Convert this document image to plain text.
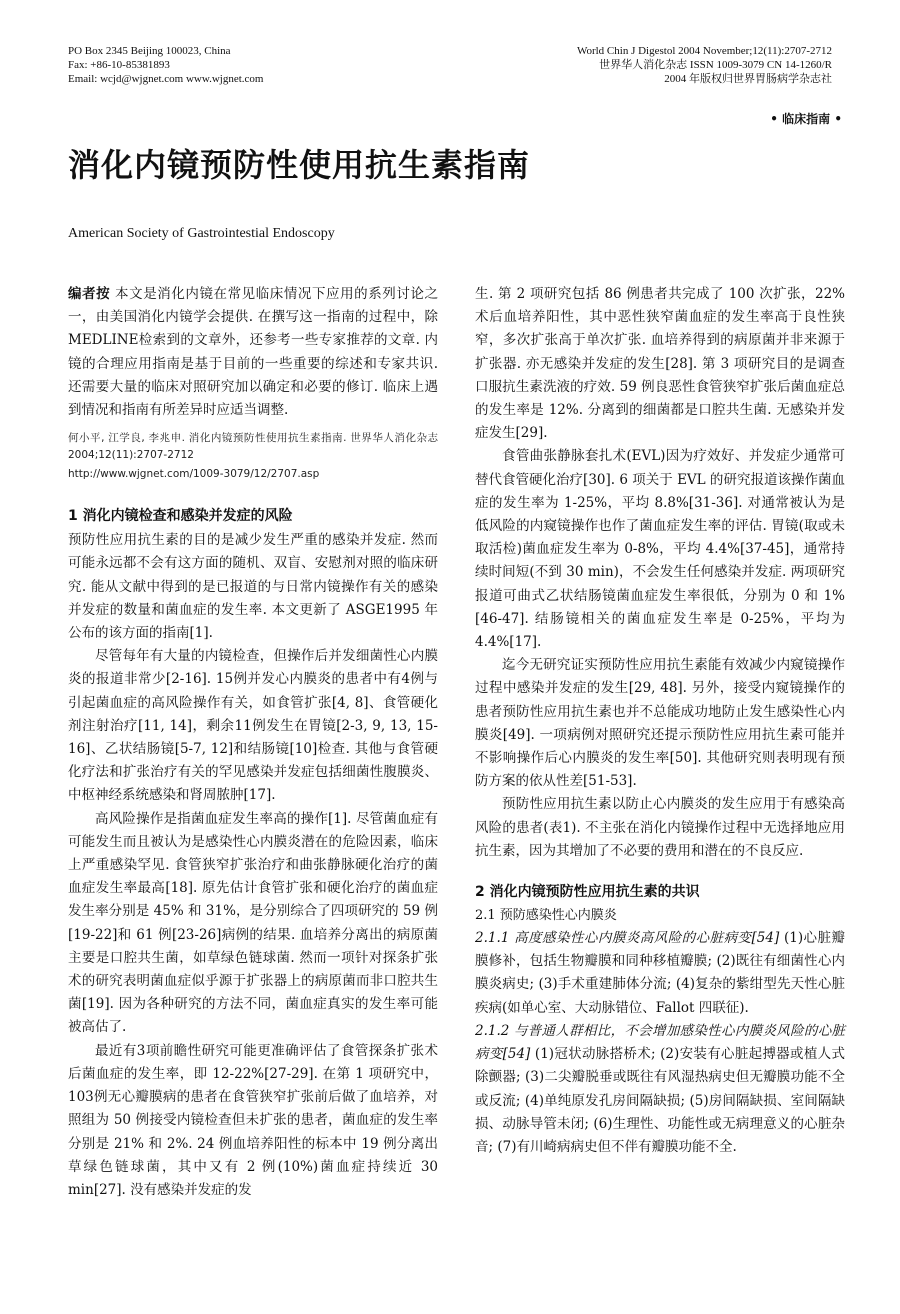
PO Box 2345 Beijing 100023, China
Fax: +86-10-85381893
Email: wcjd@wjgnet.com www.wjgnet.com
World Chin J Digestol 2004 November;12(11):2707-2712
世界华人消化杂志 ISSN 1009-3079 CN 14-1260/R
2004 年版权归世界胃肠病学杂志社
• 临床指南 •
消化内镜预防性使用抗生素指南
American Society of Gastrointestial Endoscopy

编者按 本文是消化内镜在常见临床情况下应用的系列讨论之一，由美国消化内镜学会提供. 在撰写这一指南的过程中，除MEDLINE检索到的文章外，还参考一些专家推荐的文章. 内镜的合理应用指南是基于目前的一些重要的综述和专家共识. 还需要大量的临床对照研究加以确定和必要的修订. 临床上遇到情况和指南有所差异时应适当调整.

何小平, 江学良, 李兆申. 消化内镜预防性使用抗生素指南. 世界华人消化杂志 2004;12(11):2707-2712
http://www.wjgnet.com/1009-3079/12/2707.asp
1 消化内镜检查和感染并发症的风险

预防性应用抗生素的目的是减少发生严重的感染并发症. 然而可能永远都不会有这方面的随机、双盲、安慰剂对照的临床研究. 能从文献中得到的是已报道的与日常内镜操作有关的感染并发症的数量和菌血症的发生率. 本文更新了 ASGE1995 年公布的该方面的指南[1].

尽管每年有大量的内镜检查，但操作后并发细菌性心内膜炎的报道非常少[2-16]. 15例并发心内膜炎的患者中有4例与引起菌血症的高风险操作有关，如食管扩张[4, 8]、食管硬化剂注射治疗[11, 14]，剩余11例发生在胃镜[2-3, 9, 13, 15-16]、乙状结肠镜[5-7, 12]和结肠镜[10]检查. 其他与食管硬化疗法和扩张治疗有关的罕见感染并发症包括细菌性腹膜炎、中枢神经系统感染和肾周脓肿[17].

高风险操作是指菌血症发生率高的操作[1]. 尽管菌血症有可能发生而且被认为是感染性心内膜炎潜在的危险因素，临床上严重感染罕见. 食管狭窄扩张治疗和曲张静脉硬化治疗的菌血症发生率最高[18]. 原先估计食管扩张和硬化治疗的菌血症发生率分别是 45% 和 31%，是分别综合了四项研究的 59 例[19-22]和 61 例[23-26]病例的结果. 血培养分离出的病原菌主要是口腔共生菌，如草绿色链球菌. 然而一项针对探条扩张术的研究表明菌血症似乎源于扩张器上的病原菌而非口腔共生菌[19]. 因为各种研究的方法不同，菌血症真实的发生率可能被高估了.

最近有3项前瞻性研究可能更准确评估了食管探条扩张术后菌血症的发生率，即 12-22%[27-29]. 在第 1 项研究中，103例无心瓣膜病的患者在食管狭窄扩张前后做了血培养，对照组为 50 例接受内镜检查但未扩张的患者，菌血症的发生率分别是 21% 和 2%. 24 例血培养阳性的标本中 19 例分离出草绿色链球菌，其中又有 2 例(10%)菌血症持续近 30 min[27]. 没有感染并发症的发

生. 第 2 项研究包括 86 例患者共完成了 100 次扩张，22% 术后血培养阳性，其中恶性狭窄菌血症的发生率高于良性狭窄，多次扩张高于单次扩张. 血培养得到的病原菌并非来源于扩张器. 亦无感染并发症的发生[28]. 第 3 项研究目的是调查口服抗生素洗液的疗效. 59 例良恶性食管狭窄扩张后菌血症总的发生率是 12%. 分离到的细菌都是口腔共生菌. 无感染并发症发生[29].

食管曲张静脉套扎术(EVL)因为疗效好、并发症少通常可替代食管硬化治疗[30]. 6 项关于 EVL 的研究报道该操作菌血症的发生率为 1-25%，平均 8.8%[31-36]. 对通常被认为是低风险的内窥镜操作也作了菌血症发生率的评估. 胃镜(取或未取活检)菌血症发生率为 0-8%，平均 4.4%[37-45]，通常持续时间短(不到 30 min)，不会发生任何感染并发症. 两项研究报道可曲式乙状结肠镜菌血症发生率很低，分别为 0 和 1%[46-47]. 结肠镜相关的菌血症发生率是 0-25%，平均为 4.4%[17].

迄今无研究证实预防性应用抗生素能有效减少内窥镜操作过程中感染并发症的发生[29, 48]. 另外，接受内窥镜操作的患者预防性应用抗生素也并不总能成功地防止发生感染性心内膜炎[49]. 一项病例对照研究还提示预防性应用抗生素可能并不影响操作后心内膜炎的发生率[50]. 其他研究则表明现有预防方案的依从性差[51-53].

预防性应用抗生素以防止心内膜炎的发生应用于有感染高风险的患者(表1). 不主张在消化内镜操作过程中无选择地应用抗生素，因为其增加了不必要的费用和潜在的不良反应.

2 消化内镜预防性应用抗生素的共识
2.1 预防感染性心内膜炎

2.1.1 高度感染性心内膜炎高风险的心脏病变[54] (1)心脏瓣膜修补，包括生物瓣膜和同种移植瓣膜; (2)既往有细菌性心内膜炎病史; (3)手术重建肺体分流; (4)复杂的紫绀型先天性心脏疾病(如单心室、大动脉错位、Fallot 四联征).

2.1.2 与普通人群相比，不会增加感染性心内膜炎风险的心脏病变[54] (1)冠状动脉搭桥术; (2)安装有心脏起搏器或植人式除颤器; (3)二尖瓣脱垂或既往有风湿热病史但无瓣膜功能不全或反流; (4)单纯原发孔房间隔缺损; (5)房间隔缺损、室间隔缺损、动脉导管未闭; (6)生理性、功能性或无病理意义的心脏杂音; (7)有川崎病病史但不伴有瓣膜功能不全.
